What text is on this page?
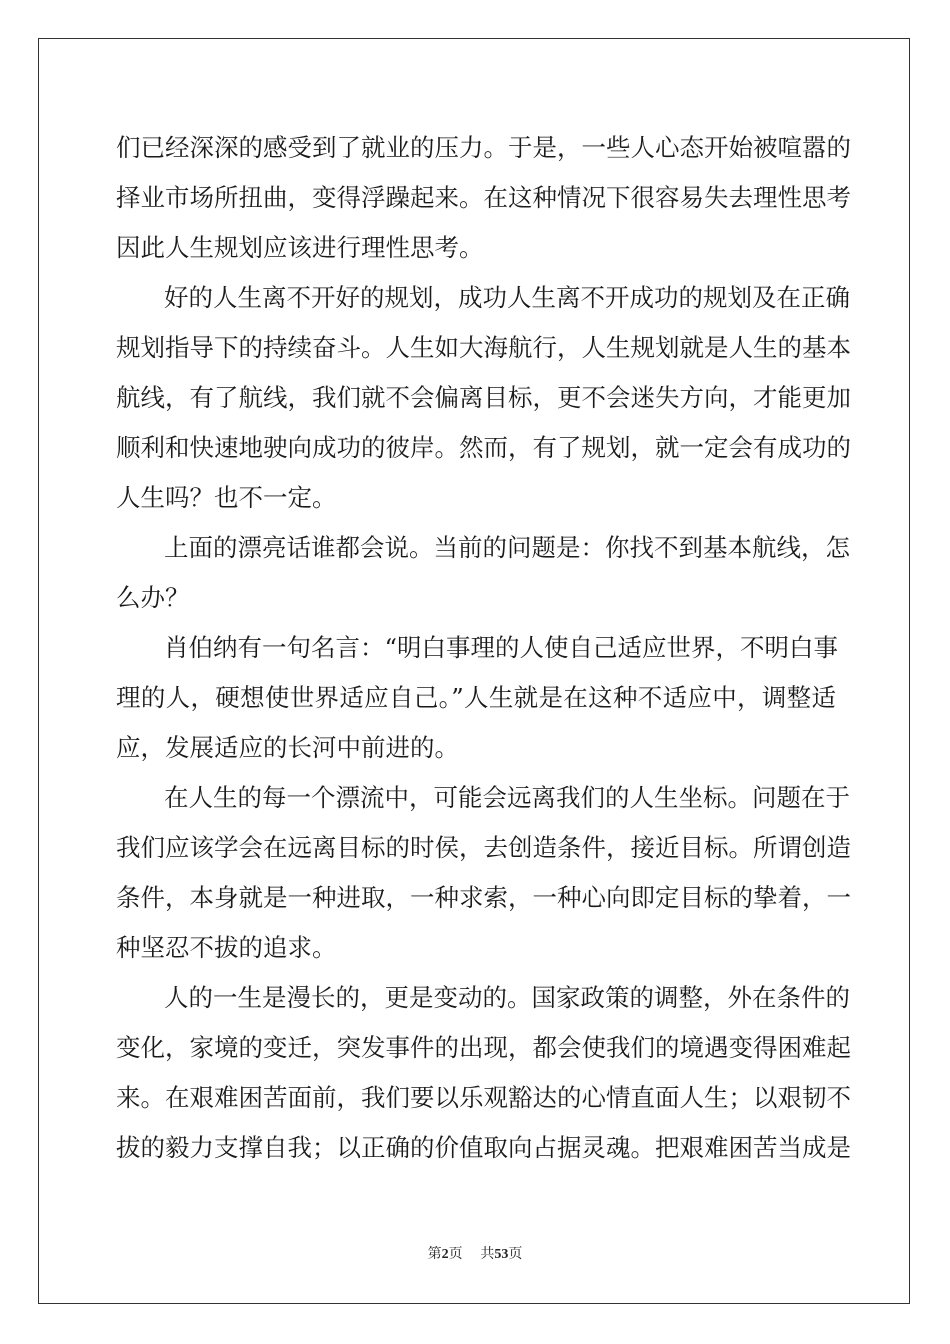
们已经深深的感受到了就业的压力。于是，一些人心态开始被喧嚣的

择业市场所扭曲，变得浮躁起来。在这种情况下很容易失去理性思考

因此人生规划应该进行理性思考。

好的人生离不开好的规划，成功人生离不开成功的规划及在正确

规划指导下的持续奋斗。人生如大海航行，人生规划就是人生的基本

航线，有了航线，我们就不会偏离目标，更不会迷失方向，才能更加

顺利和快速地驶向成功的彼岸。然而，有了规划，就一定会有成功的

人生吗？也不一定。

上面的漂亮话谁都会说。当前的问题是：你找不到基本航线，怎

么办？

肖伯纳有一句名言：“明白事理的人使自己适应世界，不明白事

理的人，硬想使世界适应自己。”人生就是在这种不适应中，调整适

应，发展适应的长河中前进的。

在人生的每一个漂流中，可能会远离我们的人生坐标。问题在于

我们应该学会在远离目标的时侯，去创造条件，接近目标。所谓创造

条件，本身就是一种进取，一种求索，一种心向即定目标的挚着，一

种坚忍不拔的追求。

人的一生是漫长的，更是变动的。国家政策的调整，外在条件的

变化，家境的变迁，突发事件的出现，都会使我们的境遇变得困难起

来。在艰难困苦面前，我们要以乐观豁达的心情直面人生；以艰韧不

拔的毅力支撑自我；以正确的价值取向占据灵魂。把艰难困苦当成是

第2页 共53页
